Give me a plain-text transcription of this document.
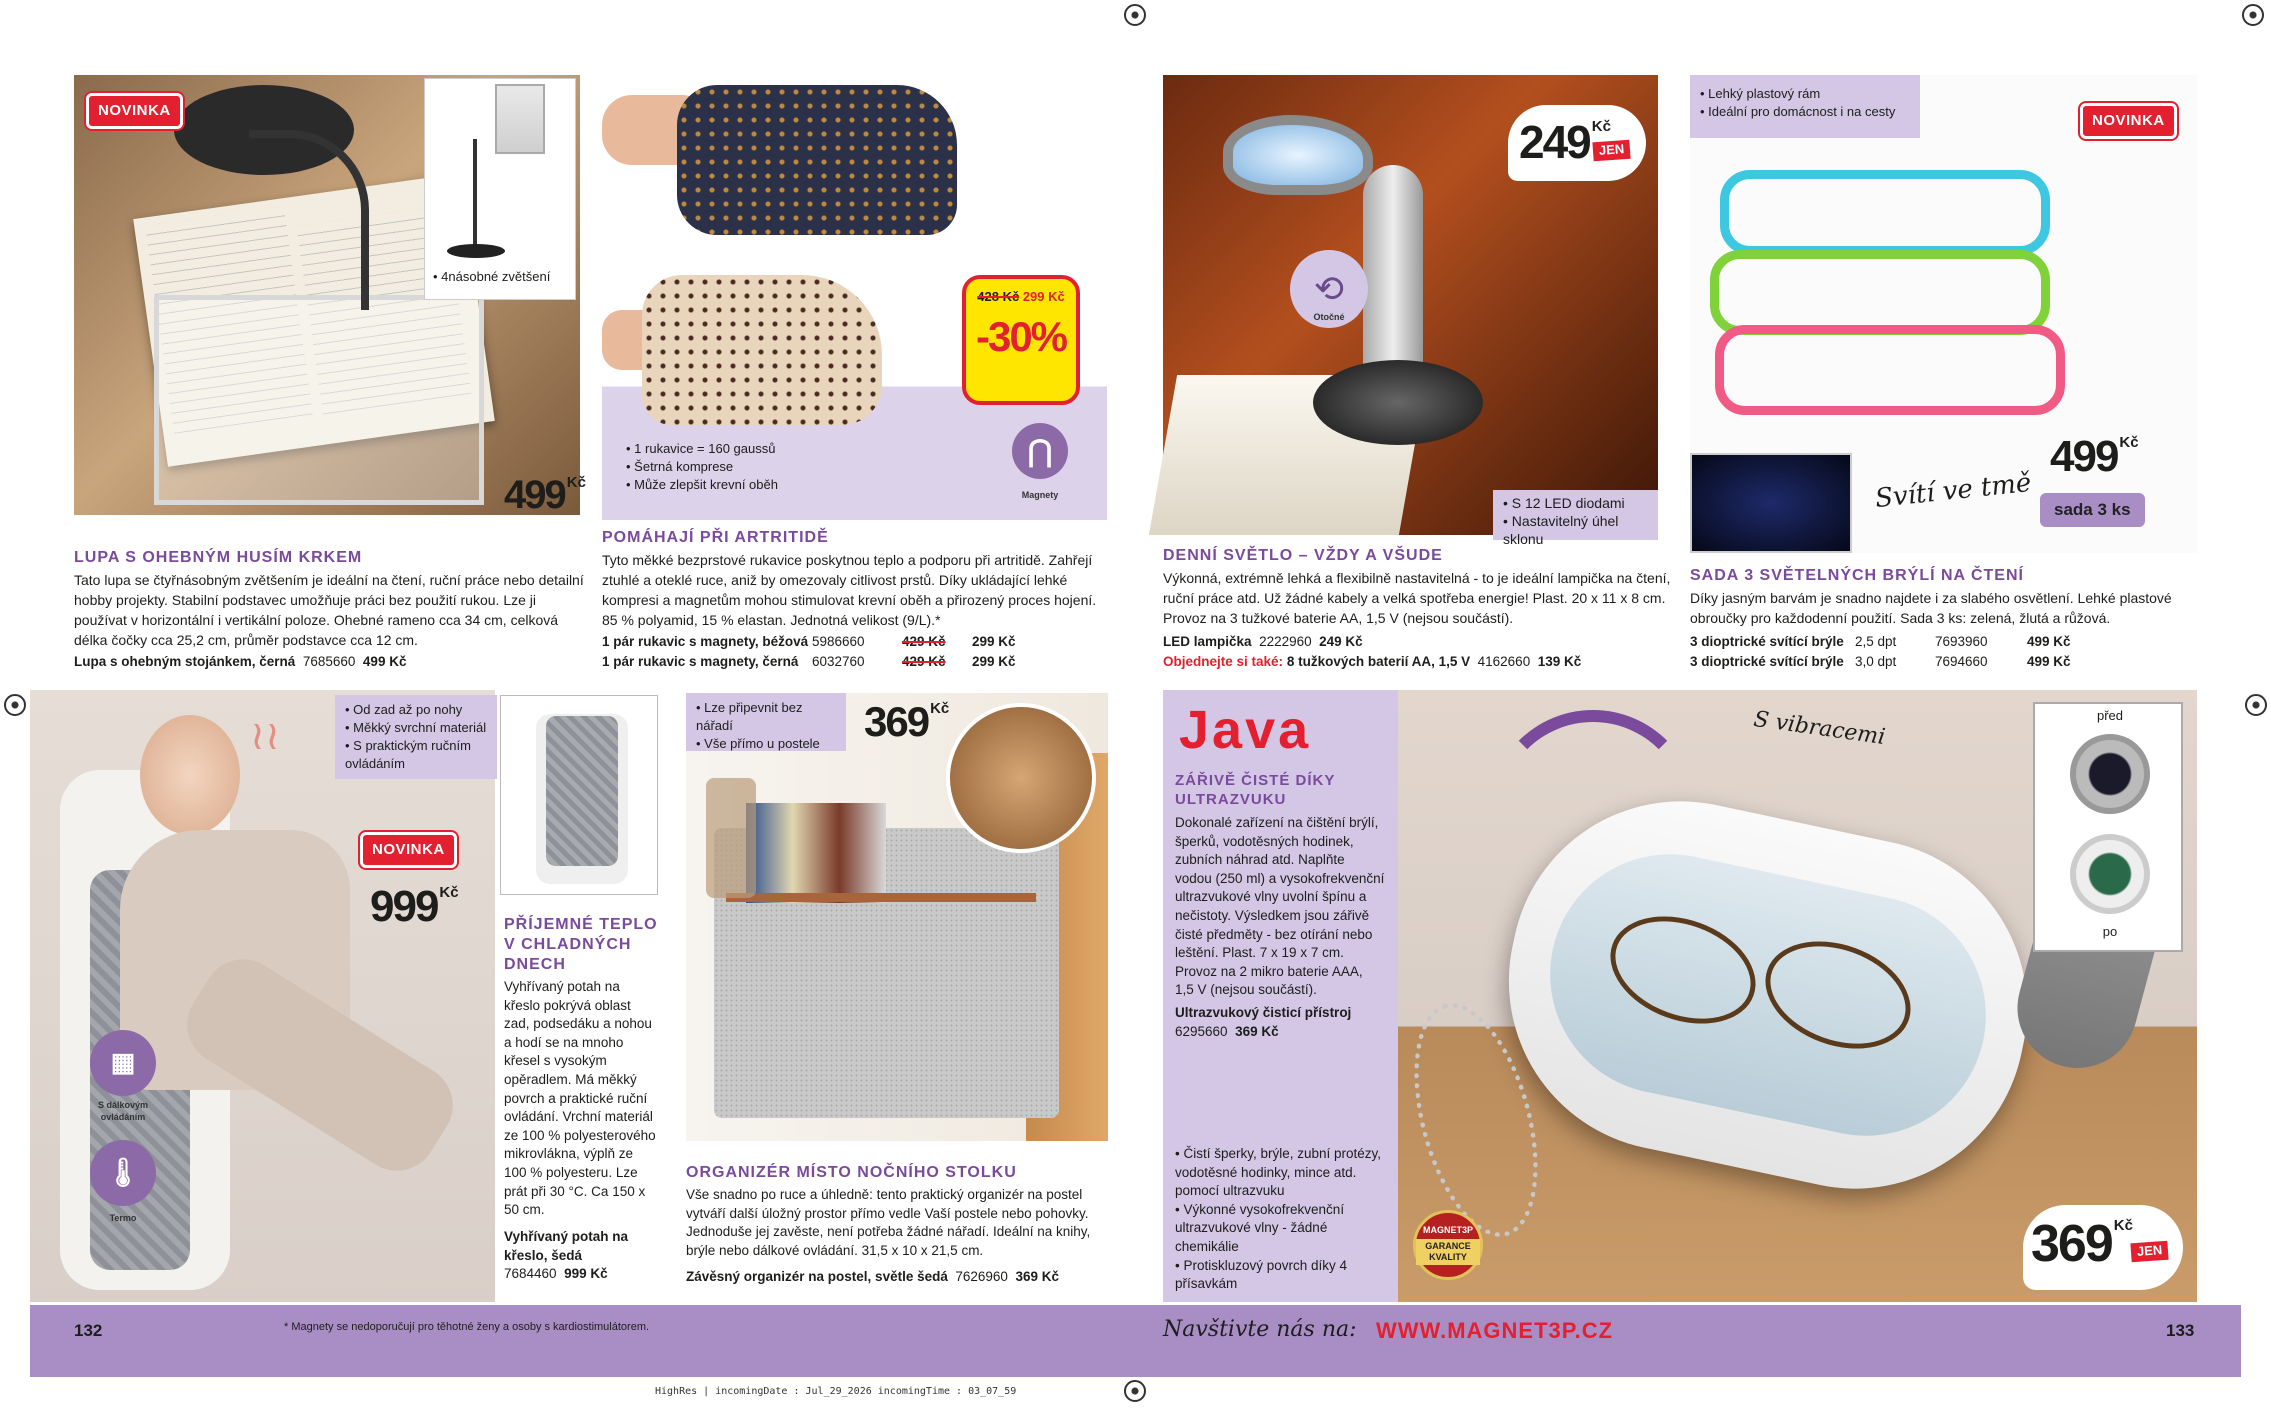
NOVINKA
499 $^{Kč}$
• 4násobné zvětšení
LUPA S OHEBNÝM HUSÍM KRKEM
Tato lupa se čtyřnásobným zvětšením je ideální na čtení, ruční práce nebo detailní hobby projekty. Stabilní podstavec umožňuje práci bez použití rukou. Lze ji používat v horizontální i vertikální poloze. Ohebné rameno cca 34 cm, celková délka čočky cca 25,2 cm, průměr podstavce cca 12 cm.
Lupa s ohebným stojánkem, černá 7685660 499 Kč
428 Kč 299 Kč
-30%
• 1 rukavice = 160 gaussů
• Šetrná komprese
• Může zlepšit krevní oběh
⋂
Magnety
POMÁHAJÍ PŘI ARTRITIDĚ
Tyto měkké bezprstové rukavice poskytnou teplo a podporu při artritidě. Zahřejí ztuhlé a oteklé ruce, aniž by omezovaly citlivost prstů. Díky ukládající lehké kompresi a magnetům mohou stimulovat krevní oběh a přirozený proces hojení. 85 % polyamid, 15 % elastan. Jednotná velikost (9/L).*
1 pár rukavic s magnety, béžová 5986660	429 Kč 299 Kč
1 pár rukavic s magnety, černá 6032760	429 Kč 299 Kč
⟲
Otočné
249 $^{Kč}$
JEN
• S 12 LED diodami
• Nastavitelný úhel sklonu
DENNÍ SVĚTLO – VŽDY A VŠUDE
Výkonná, extrémně lehká a flexibilně nastavitelná - to je ideální lampička na čtení, ruční práce atd. Už žádné kabely a velká spotřeba energie! Plast. 20 x 11 x 8 cm. Provoz na 3 tužkové baterie AA, 1,5 V (nejsou součástí).
LED lampička 2222960 249 Kč
Objednejte si také: 8 tužkových baterií AA, 1,5 V 4162660 139 Kč
• Lehký plastový rám
• Ideální pro domácnost i na cesty
NOVINKA
Svítí ve tmě
499 $^{Kč}$
sada 3 ks
SADA 3 SVĚTELNÝCH BRÝLÍ NA ČTENÍ
Díky jasným barvám je snadno najdete i za slabého osvětlení. Lehké plastové obroučky pro každodenní použití. Sada 3 ks: zelená, žlutá a růžová.
3 dioptrické svítící brýle 2,5 dpt	7693960	499 Kč
3 dioptrické svítící brýle 3,0 dpt	7694660	499 Kč
≀≀
• Od zad až po nohy
• Měkký svrchní materiál
• S praktickým ručním ovládáním
NOVINKA
999 $^{Kč}$
▦
S dálkovým ovládáním
🌡
Termo
PŘÍJEMNÉ TEPLO V CHLADNÝCH DNECH
Vyhřívaný potah na křeslo pokrývá oblast zad, podsedáku a nohou a hodí se na mnoho křesel s vysokým opěradlem. Má měkký povrch a praktické ruční ovládání. Vrchní materiál ze 100 % polyesterového mikrovlákna, výplň ze 100 % polyesteru. Lze prát při 30 °C. Ca 150 x 50 cm.
Vyhřívaný potah na křeslo, šedá 7684460 999 Kč
• Lze připevnit bez nářadí
• Vše přímo u postele	369 $^{Kč}$
ORGANIZÉR MÍSTO NOČNÍHO STOLKU
Vše snadno po ruce a úhledně: tento praktický organizér na postel vytváří další úložný prostor přímo vedle Vaší postele nebo pohovky. Jednoduše jej zavěste, není potřeba žádné nářadí. Ideální na knihy, brýle nebo dálkové ovládání. 31,5 x 10 x 21,5 cm.
Závěsný organizér na postel, světle šedá 7626960 369 Kč
Java
ZÁŘIVĚ ČISTÉ DÍKY ULTRAZVUKU
Dokonalé zařízení na čištění brýlí, šperků, vodotěsných hodinek, zubních náhrad atd. Naplňte vodou (250 ml) a vysokofrekvenční ultrazvukové vlny uvolní špínu a nečistoty. Výsledkem jsou zářivě čisté předměty - bez otírání nebo leštění. Plast. 7 x 19 x 7 cm. Provoz na 2 mikro baterie AAA, 1,5 V (nejsou součástí).
Ultrazvukový čisticí přístroj
6295660 369 Kč
• Čistí šperky, brýle, zubní protézy, vodotěsné hodinky, mince atd. pomocí ultrazvuku
• Výkonné vysokofrekvenční ultrazvukové vlny - žádné chemikálie
• Protiskluzový povrch díky 4 přísavkám
S vibracemi	před
po
MAGNET3P
GARANCE KVALITY	369 $^{Kč}$
JEN
132	* Magnety se nedoporučují pro těhotné ženy a osoby s kardiostimulátorem.	Navštivte nás na: WWW.MAGNET3P.CZ	133
HighRes | incomingDate : Jul_29_2026 incomingTime : 03_07_59
